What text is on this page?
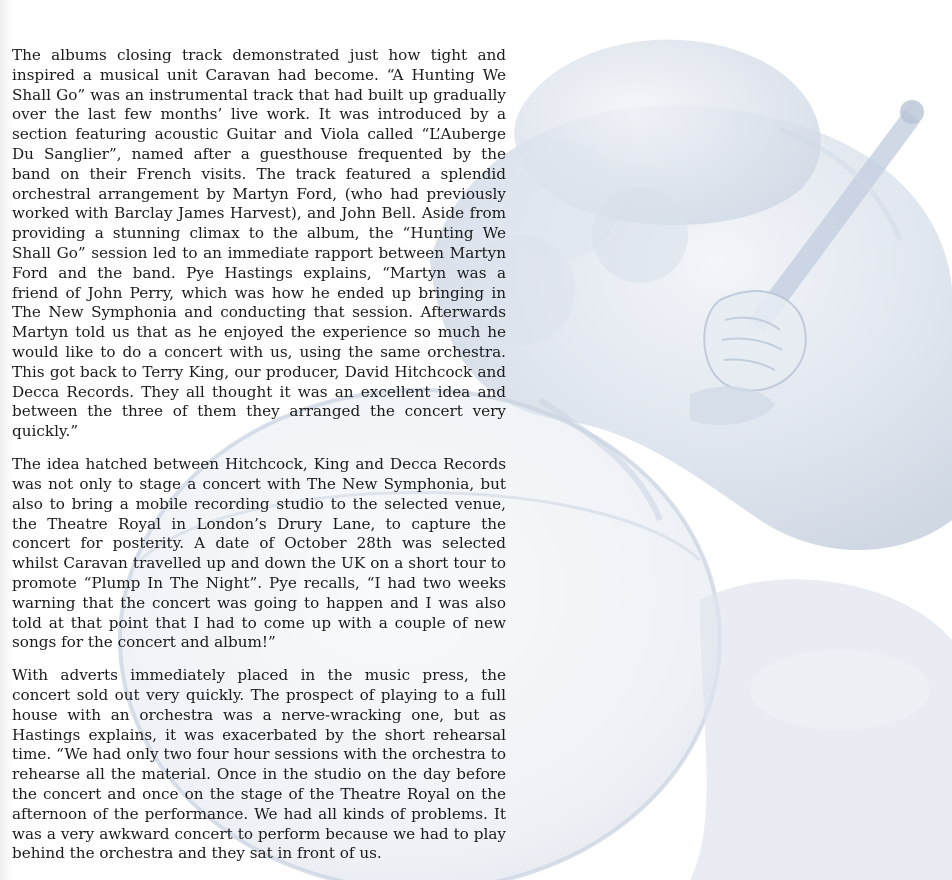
The albums closing track demonstrated just how tight and inspired a musical unit Caravan had become. “A Hunting We Shall Go” was an instrumental track that had built up gradually over the last few months’ live work. It was introduced by a section featuring acoustic Guitar and Viola called “L’Auberge Du Sanglier”, named after a guesthouse frequented by the band on their French visits. The track featured a splendid orchestral arrangement by Martyn Ford, (who had previously worked with Barclay James Harvest), and John Bell. Aside from providing a stunning climax to the album, the “Hunting We Shall Go” session led to an immediate rapport between Martyn Ford and the band. Pye Hastings explains, “Martyn was a friend of John Perry, which was how he ended up bringing in The New Symphonia and conducting that session. Afterwards Martyn told us that as he enjoyed the experience so much he would like to do a concert with us, using the same orchestra. This got back to Terry King, our producer, David Hitchcock and Decca Records. They all thought it was an excellent idea and between the three of them they arranged the concert very quickly.”

The idea hatched between Hitchcock, King and Decca Records was not only to stage a concert with The New Symphonia, but also to bring a mobile recording studio to the selected venue, the Theatre Royal in London’s Drury Lane, to capture the concert for posterity. A date of October 28th was selected whilst Caravan travelled up and down the UK on a short tour to promote “Plump In The Night”. Pye recalls, “I had two weeks warning that the concert was going to happen and I was also told at that point that I had to come up with a couple of new songs for the concert and album!”

With adverts immediately placed in the music press, the concert sold out very quickly. The prospect of playing to a full house with an orchestra was a nerve-wracking one, but as Hastings explains, it was exacerbated by the short rehearsal time. “We had only two four hour sessions with the orchestra to rehearse all the material. Once in the studio on the day before the concert and once on the stage of the Theatre Royal on the afternoon of the performance. We had all kinds of problems. It was a very awkward concert to perform because we had to play behind the orchestra and they sat in front of us.
